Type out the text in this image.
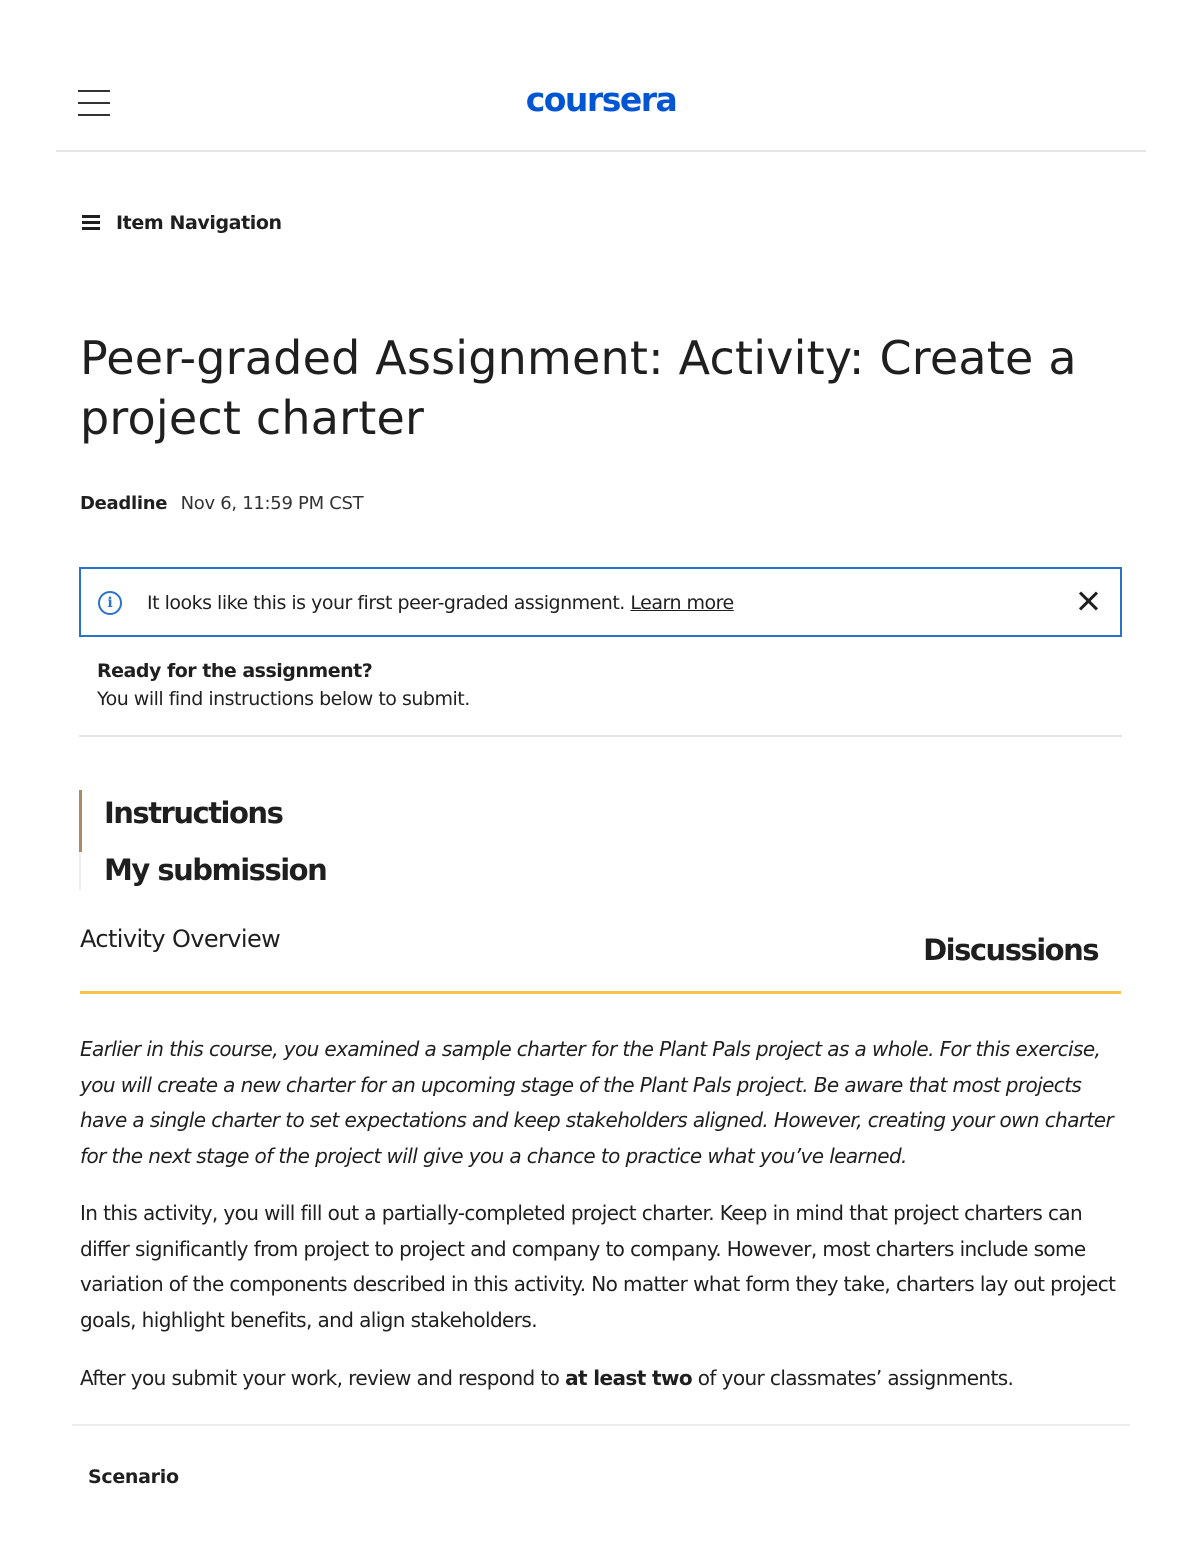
coursera
Item Navigation
Peer-graded Assignment: Activity: Create a project charter
Deadline Nov 6, 11:59 PM CST
i	It looks like this is your first peer-graded assignment. Learn more
Ready for the assignment?
You will find instructions below to submit.
Instructions
My submission
Activity Overview	Discussions

Earlier in this course, you examined a sample charter for the Plant Pals project as a whole. For this exercise, you will create a new charter for an upcoming stage of the Plant Pals project. Be aware that most projects have a single charter to set expectations and keep stakeholders aligned. However, creating your own charter for the next stage of the project will give you a chance to practice what you’ve learned.

In this activity, you will fill out a partially-completed project charter. Keep in mind that project charters can differ significantly from project to project and company to company. However, most charters include some variation of the components described in this activity. No matter what form they take, charters lay out project goals, highlight benefits, and align stakeholders.

After you submit your work, review and respond to at least two of your classmates’ assignments.

Scenario
